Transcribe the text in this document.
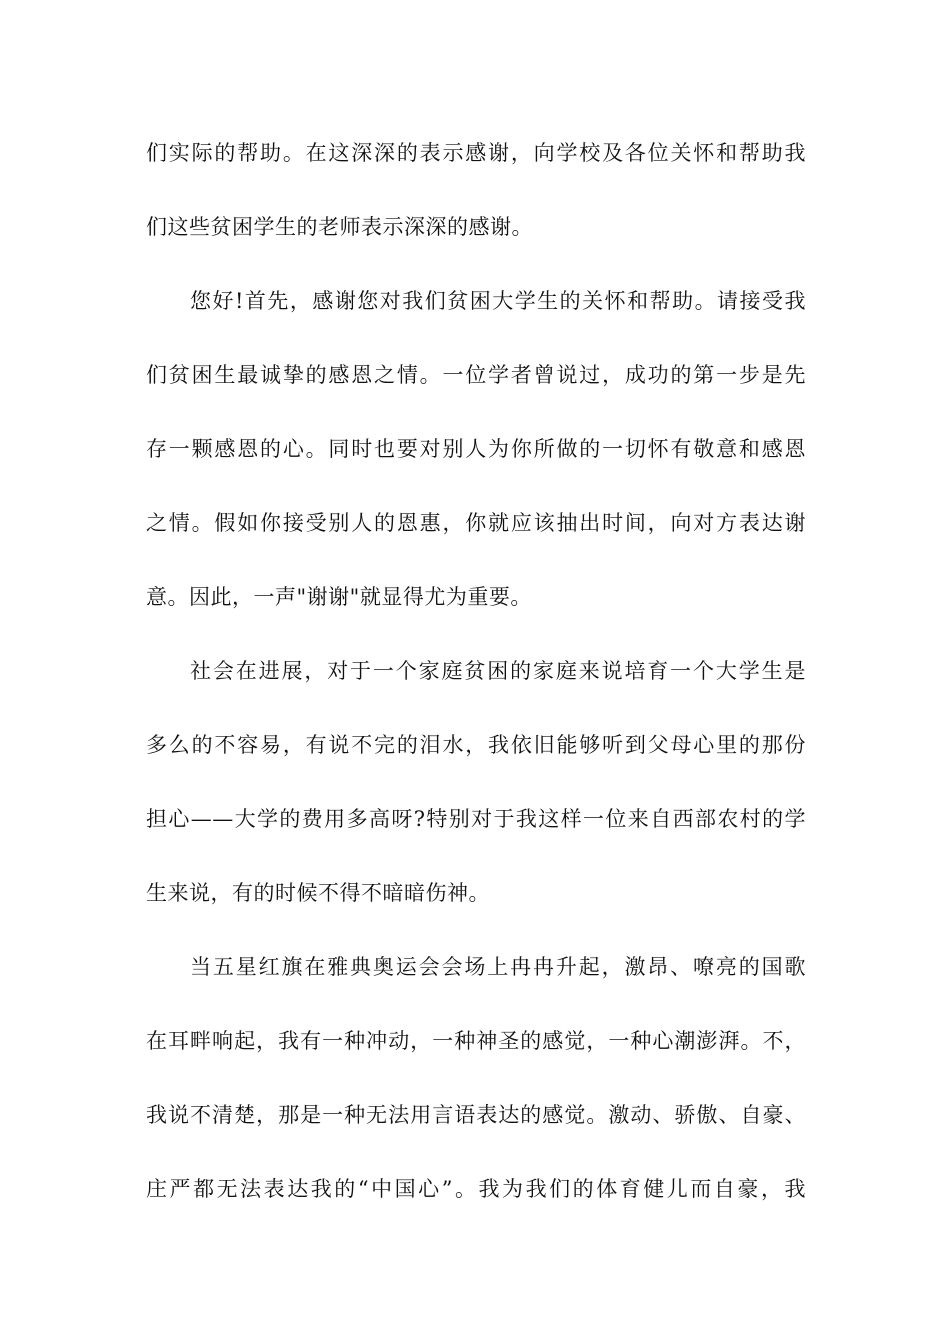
们实际的帮助。在这深深的表示感谢，向学校及各位关怀和帮助我
们这些贫困学生的老师表示深深的感谢。
您好!首先，感谢您对我们贫困大学生的关怀和帮助。请接受我
们贫困生最诚挚的感恩之情。一位学者曾说过，成功的第一步是先
存一颗感恩的心。同时也要对别人为你所做的一切怀有敬意和感恩
之情。假如你接受别人的恩惠，你就应该抽出时间，向对方表达谢
意。因此，一声"谢谢"就显得尤为重要。
社会在进展，对于一个家庭贫困的家庭来说培育一个大学生是
多么的不容易，有说不完的泪水，我依旧能够听到父母心里的那份
担心——大学的费用多高呀?特别对于我这样一位来自西部农村的学
生来说，有的时候不得不暗暗伤神。
当五星红旗在雅典奥运会会场上冉冉升起，激昂、嘹亮的国歌
在耳畔响起，我有一种冲动，一种神圣的感觉，一种心潮澎湃。不，
我说不清楚，那是一种无法用言语表达的感觉。激动、骄傲、自豪、
庄严都无法表达我的“中国心”。我为我们的体育健儿而自豪，我
